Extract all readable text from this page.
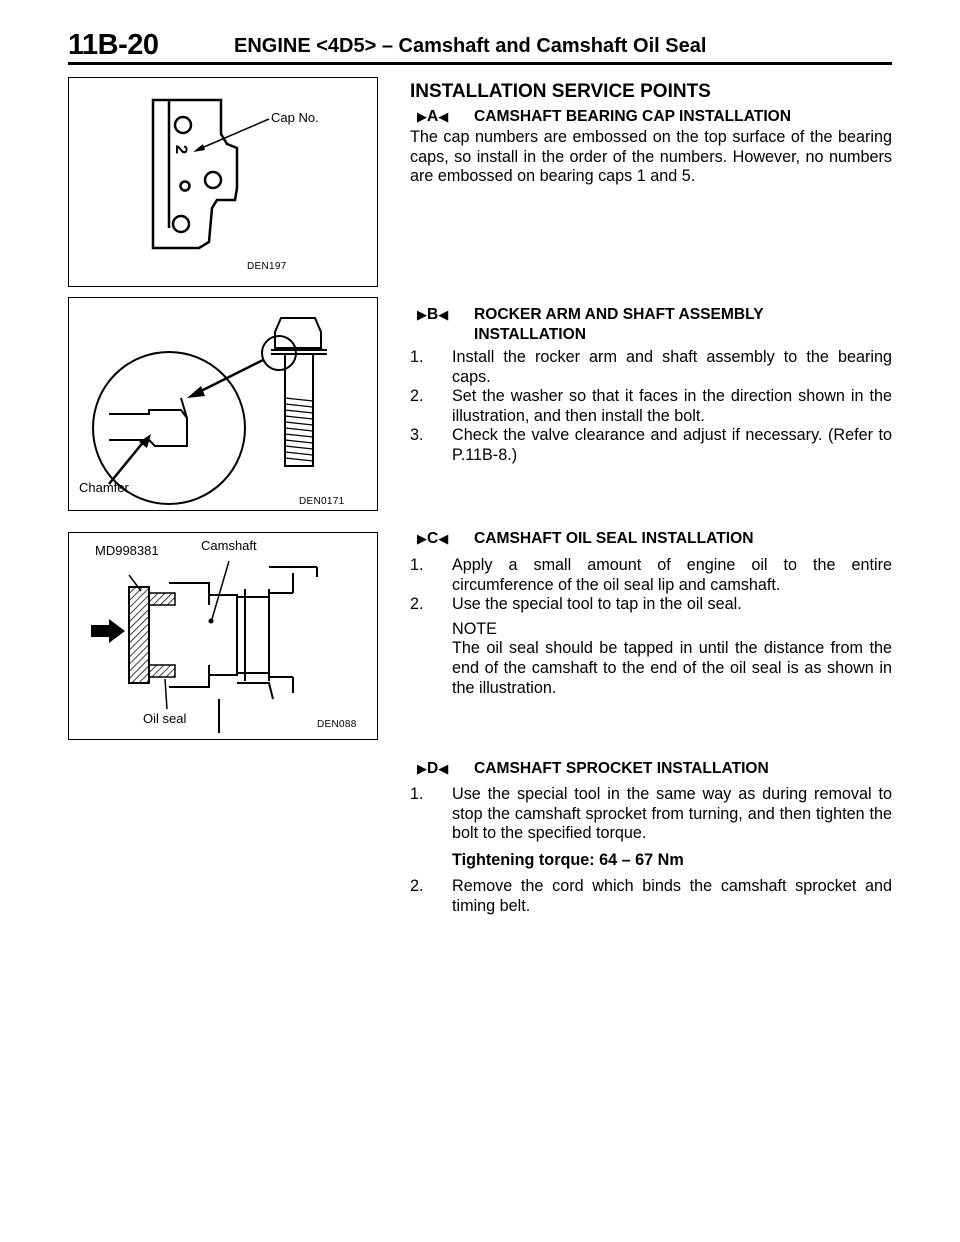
11B-20	ENGINE <4D5> – Camshaft and Camshaft Oil Seal
2
Cap No.
DEN197
Chamfer
DEN0171
MD998381	Camshaft
Oil seal	DEN088
INSTALLATION SERVICE POINTS
▶A◀ CAMSHAFT BEARING CAP INSTALLATION
The cap numbers are embossed on the top surface of the bearing caps, so install in the order of the numbers. However, no numbers are embossed on bearing caps 1 and 5.
▶B◀ ROCKER ARM AND SHAFT ASSEMBLY
INSTALLATION
1. Install the rocker arm and shaft assembly to the bearing caps.
2. Set the washer so that it faces in the direction shown in the illustration, and then install the bolt.
3. Check the valve clearance and adjust if necessary. (Refer to P.11B-8.)
▶C◀ CAMSHAFT OIL SEAL INSTALLATION
1. Apply a small amount of engine oil to the entire circumference of the oil seal lip and camshaft.
2. Use the special tool to tap in the oil seal.
NOTE
The oil seal should be tapped in until the distance from the end of the camshaft to the end of the oil seal is as shown in the illustration.
▶D◀ CAMSHAFT SPROCKET INSTALLATION
1. Use the special tool in the same way as during removal to stop the camshaft sprocket from turning, and then tighten the bolt to the specified torque.
Tightening torque: 64 – 67 Nm
2. Remove the cord which binds the camshaft sprocket and timing belt.
